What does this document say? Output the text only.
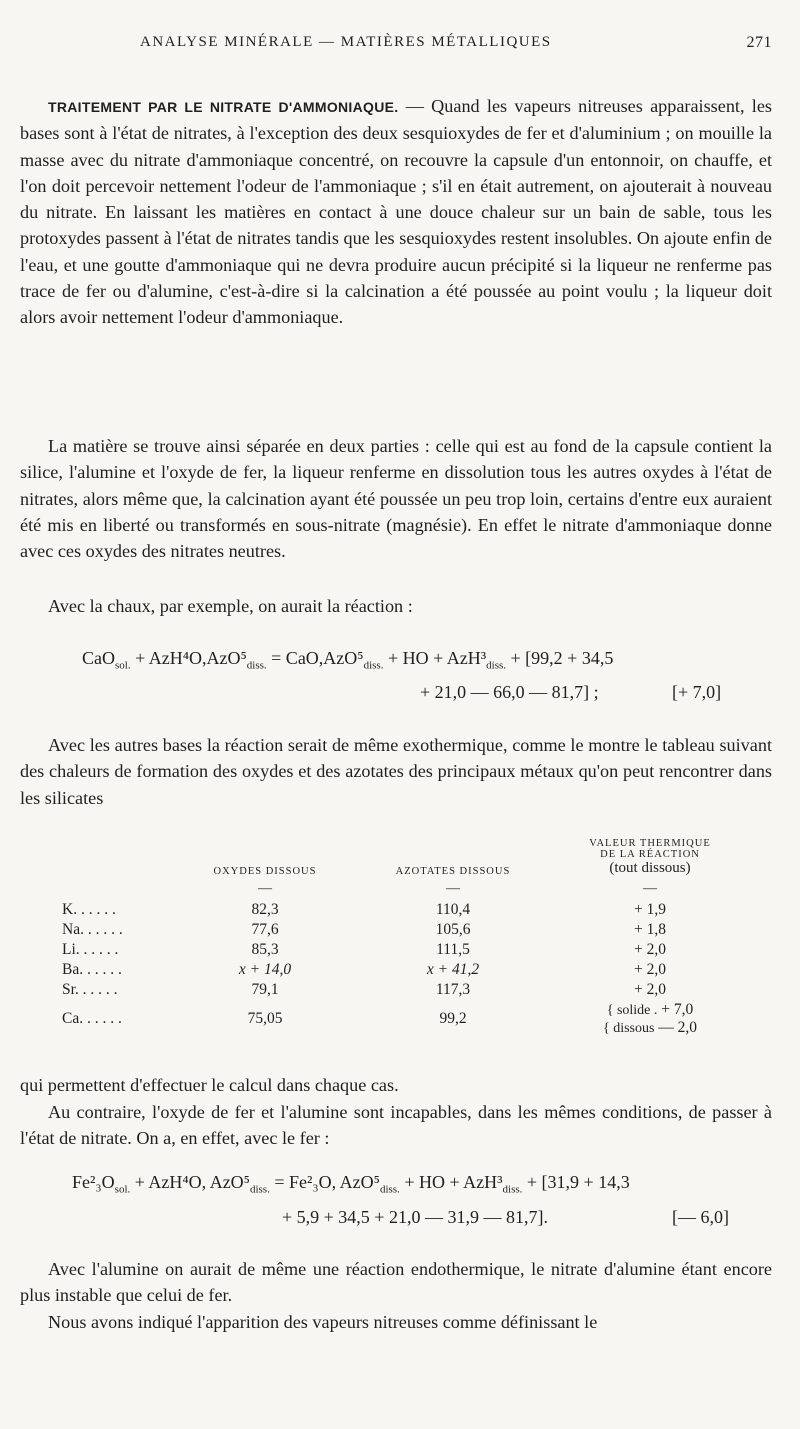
ANALYSE MINÉRALE — MATIÈRES MÉTALLIQUES	271

TRAITEMENT PAR LE NITRATE D'AMMONIAQUE. — Quand les vapeurs nitreuses apparaissent, les bases sont à l'état de nitrates, à l'exception des deux sesquioxydes de fer et d'aluminium ; on mouille la masse avec du nitrate d'ammoniaque concentré, on recouvre la capsule d'un entonnoir, on chauffe, et l'on doit percevoir nettement l'odeur de l'ammoniaque ; s'il en était autrement, on ajouterait à nouveau du nitrate. En laissant les matières en contact à une douce chaleur sur un bain de sable, tous les protoxydes passent à l'état de nitrates tandis que les sesquioxydes restent insolubles. On ajoute enfin de l'eau, et une goutte d'ammoniaque qui ne devra produire aucun précipité si la liqueur ne renferme pas trace de fer ou d'alumine, c'est-à-dire si la calcination a été poussée au point voulu ; la liqueur doit alors avoir nettement l'odeur d'ammoniaque.

La matière se trouve ainsi séparée en deux parties : celle qui est au fond de la capsule contient la silice, l'alumine et l'oxyde de fer, la liqueur renferme en dissolution tous les autres oxydes à l'état de nitrates, alors même que, la calcination ayant été poussée un peu trop loin, certains d'entre eux auraient été mis en liberté ou transformés en sous-nitrate (magnésie). En effet le nitrate d'ammoniaque donne avec ces oxydes des nitrates neutres.

Avec la chaux, par exemple, on aurait la réaction :

$CaO_{sol.} + AzH^4O,AzO^5_{diss.} = CaO,AzO^5_{diss.}$ + HO + $AzH^3_{diss.} + [99,2 + 34,5$
+ 21,0 — 66,0 — 81,7] ;	[+ 7,0]

Avec les autres bases la réaction serait de même exothermique, comme le montre le tableau suivant des chaleurs de formation des oxydes et des azotates des principaux métaux qu'on peut rencontrer dans les silicates

	OXYDES DISSOUS	AZOTATES DISSOUS	VALEUR THERMIQUE
DE LA RÉACTION
(tout dissous)

	—	—	—
K. . . . . .	82,3	110,4	+ 1,9
Na. . . . . .	77,6	105,6	+ 1,8
Li. . . . . .	85,3	111,5	+ 2,0
Ba. . . . . .	x + 14,0	x + 41,2	+ 2,0
Sr. . . . . .	79,1	117,3	+ 2,0
Ca. . . . . .	75,05	99,2	{ solide . + 7,0
{ dissous — 2,0

qui permettent d'effectuer le calcul dans chaque cas.

Au contraire, l'oxyde de fer et l'alumine sont incapables, dans les mêmes conditions, de passer à l'état de nitrate. On a, en effet, avec le fer :

$Fe^2_3O_{sol.} + AzH^4O$, $AzO^5_{diss.} = Fe^2_3O$, $AzO^5_{diss.}$ + HO + $AzH^3_{diss.} + [31,9 + 14,3$
+ 5,9 + 34,5 + 21,0 — 31,9 — 81,7].	[— 6,0]

Avec l'alumine on aurait de même une réaction endothermique, le nitrate d'alumine étant encore plus instable que celui de fer.

Nous avons indiqué l'apparition des vapeurs nitreuses comme définissant le
